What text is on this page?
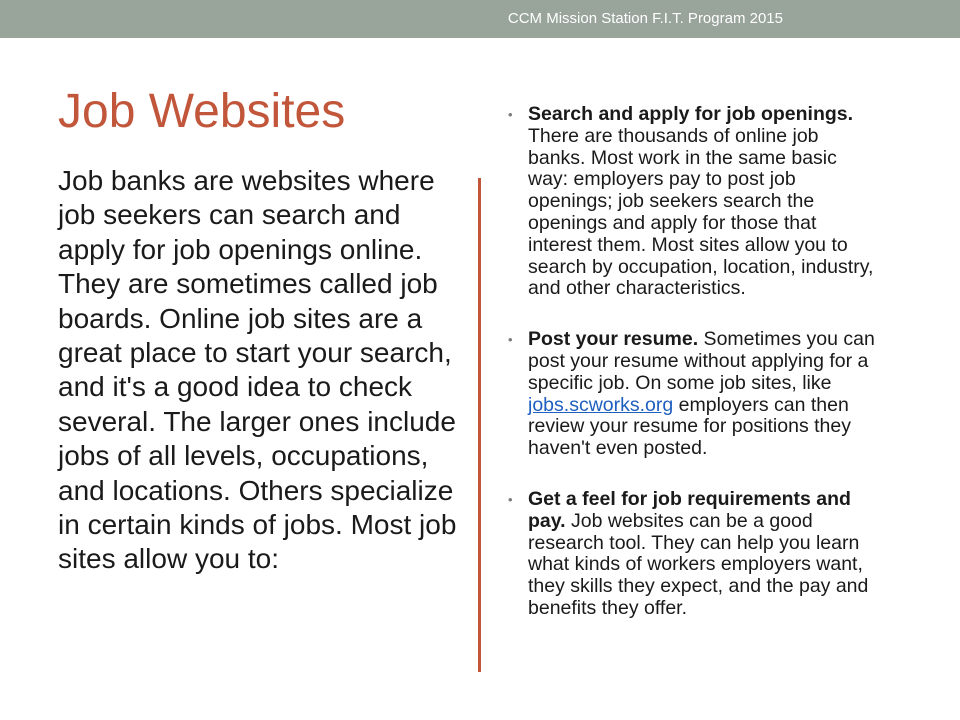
CCM Mission Station F.I.T. Program 2015
Job Websites

Job banks are websites where job seekers can search and apply for job openings online. They are sometimes called job boards. Online job sites are a great place to start your search, and it's a good idea to check several. The larger ones include jobs of all levels, occupations, and locations. Others specialize in certain kinds of jobs. Most job sites allow you to:

• Search and apply for job openings. There are thousands of online job banks. Most work in the same basic way: employers pay to post job openings; job seekers search the openings and apply for those that interest them. Most sites allow you to search by occupation, location, industry, and other characteristics.
• Post your resume. Sometimes you can post your resume without applying for a specific job. On some job sites, like jobs.scworks.org employers can then review your resume for positions they haven't even posted.
• Get a feel for job requirements and pay. Job websites can be a good research tool. They can help you learn what kinds of workers employers want, they skills they expect, and the pay and benefits they offer.
